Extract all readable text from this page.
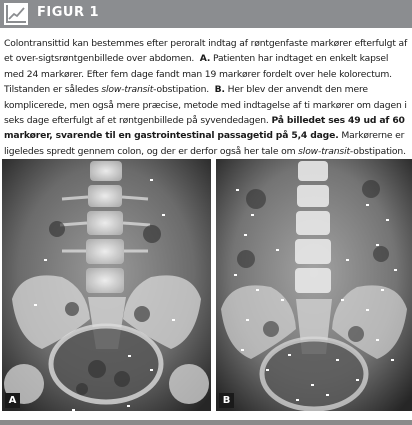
FIGUR 1
Colontransittid kan bestemmes efter peroralt indtag af røntgenfaste markører efterfulgt af et over-sigtsrøntgenbillede over abdomen. A. Patienten har indtaget en enkelt kapsel med 24 markører. Efter fem dage fandt man 19 markører fordelt over hele kolorectum. Tilstanden er således slow-transit-obstipation. B. Her blev der anvendt den mere komplicerede, men også mere præcise, metode med indtagelse af ti markører om dagen i seks dage efterfulgt af et røntgenbillede på syvendedagen. På billedet ses 49 ud af 60 markører, svarende til en gastrointestinal passagetid på 5,4 dage. Markørerne er ligeledes spredt gennem colon, og der er derfor også her tale om slow-transit-obstipation.
A	B
